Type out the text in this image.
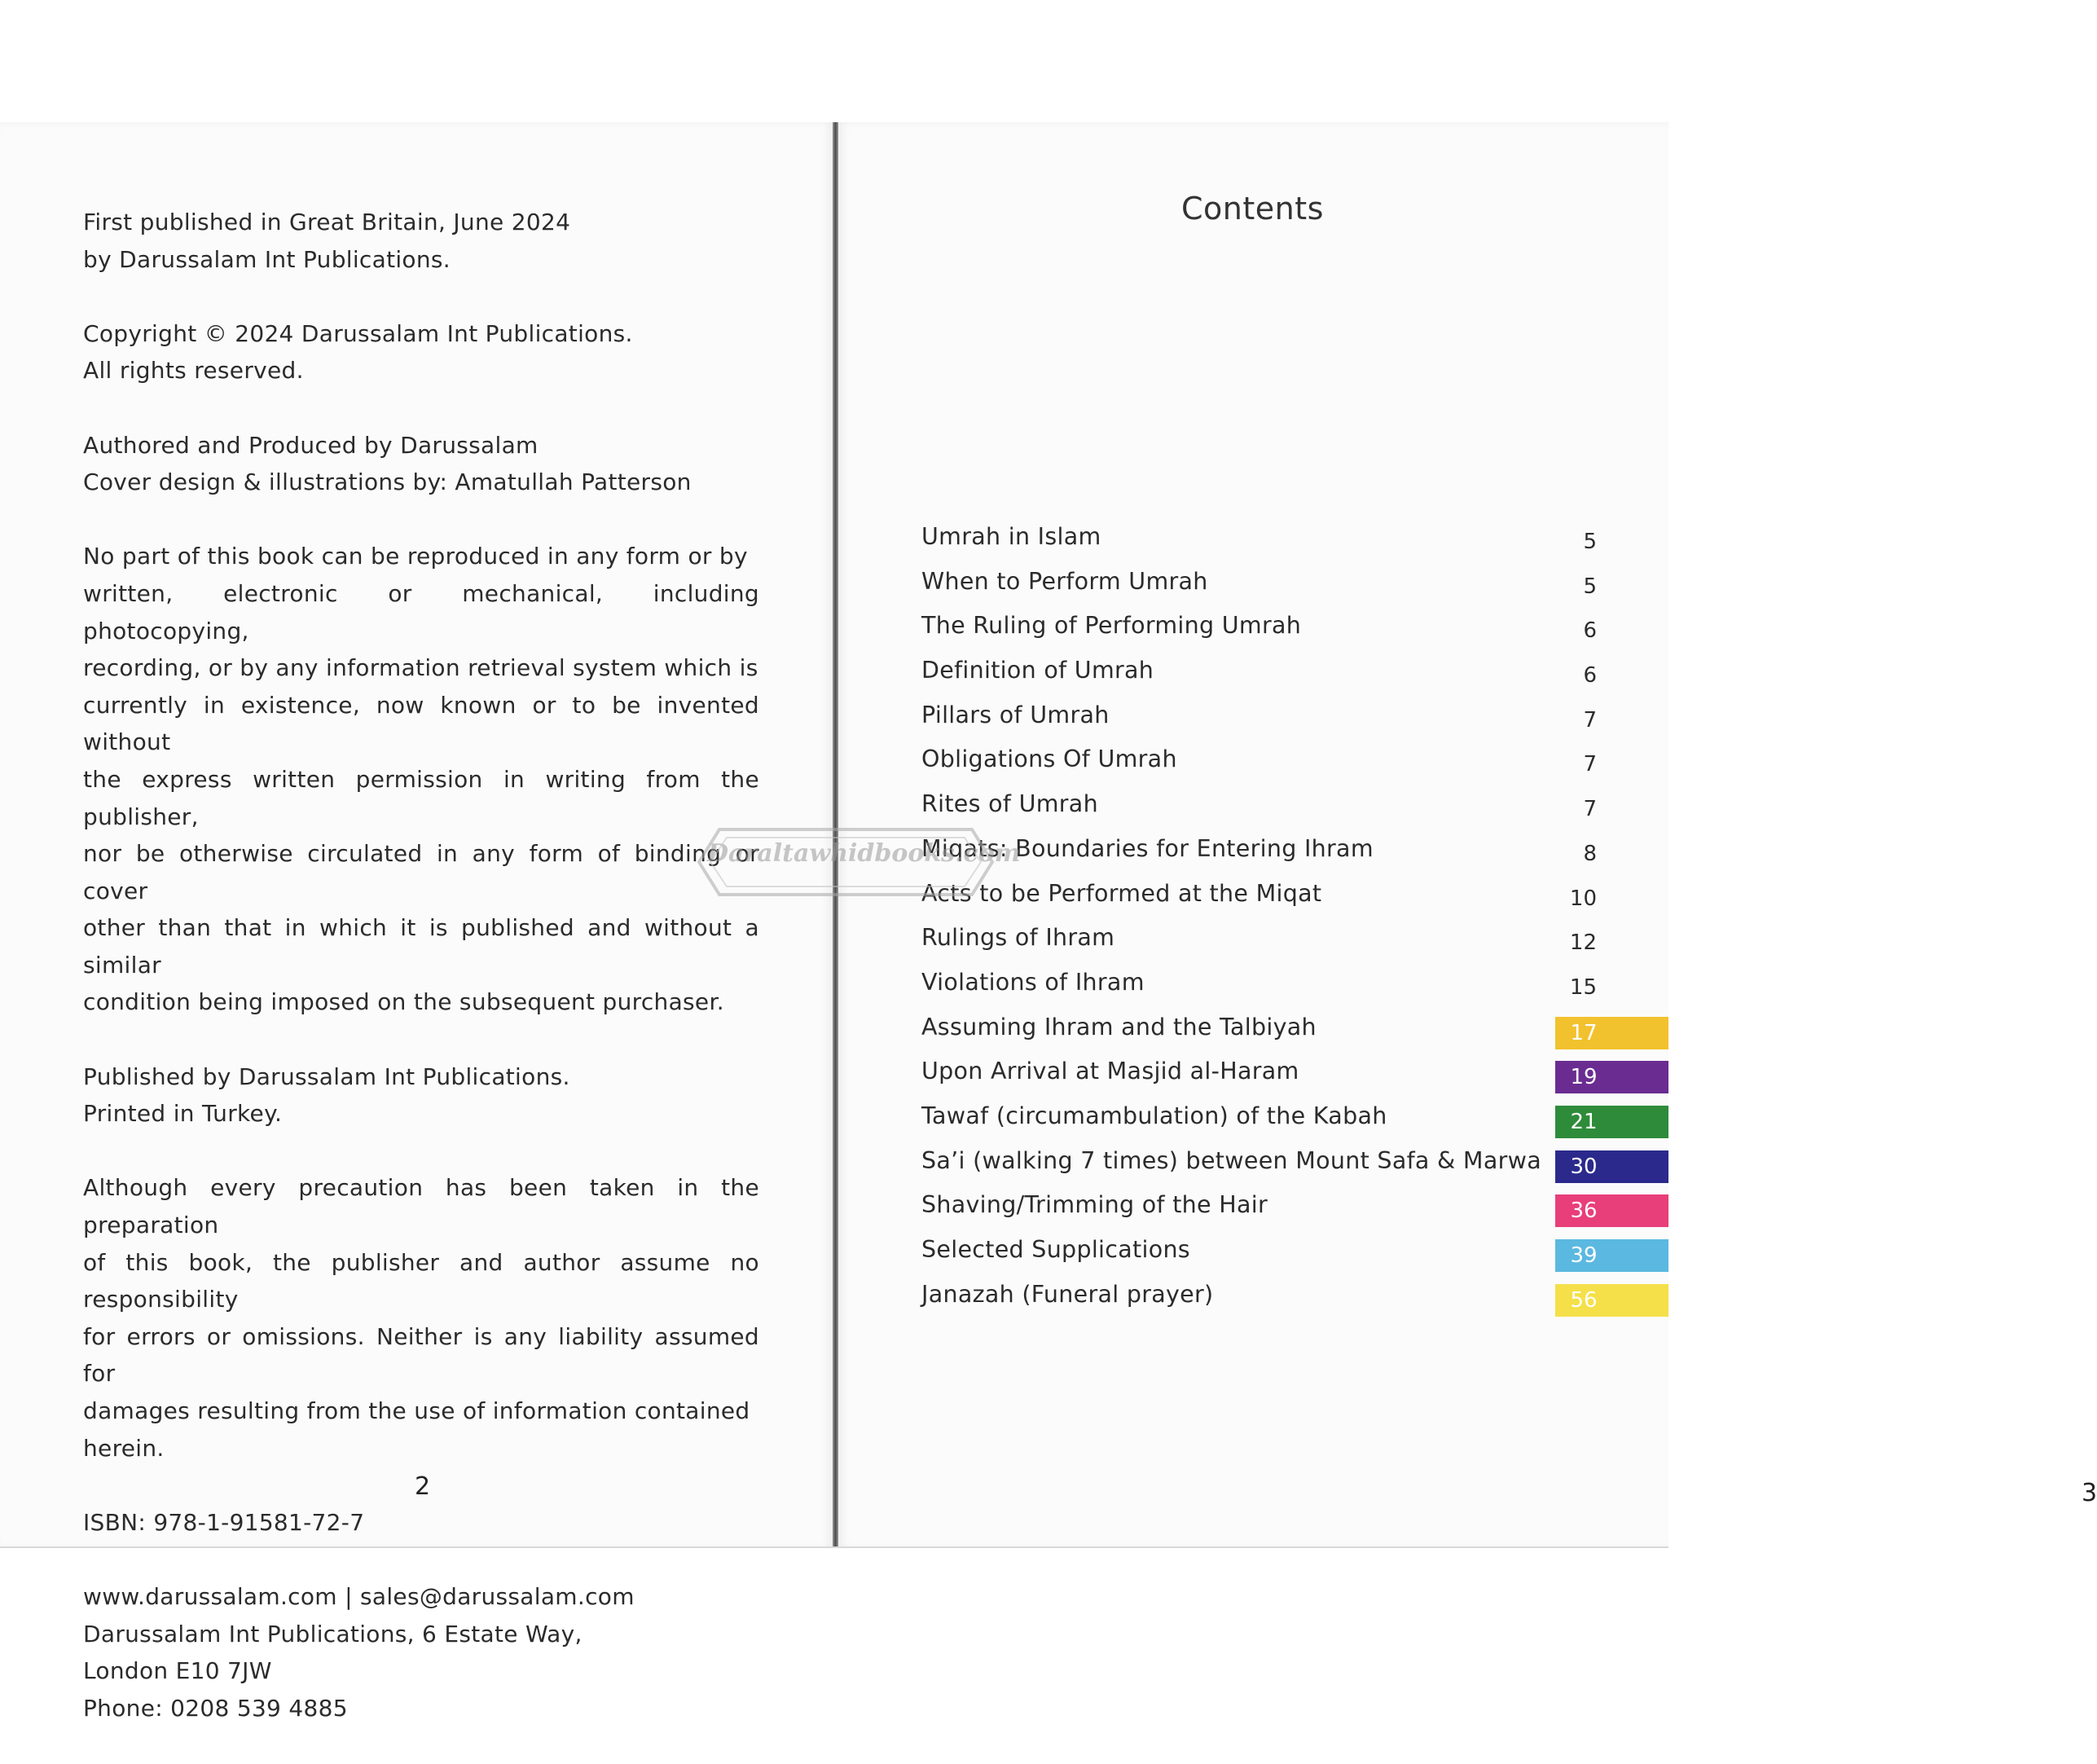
First published in Great Britain, June 2024

by Darussalam Int Publications.

Copyright © 2024 Darussalam Int Publications.

All rights reserved.

Authored and Produced by Darussalam

Cover design & illustrations by: Amatullah Patterson

No part of this book can be reproduced in any form or by

written, electronic or mechanical, including photocopying,

recording, or by any information retrieval system which is

currently in existence, now known or to be invented without

the express written permission in writing from the publisher,

nor be otherwise circulated in any form of binding or cover

other than that in which it is published and without a similar

condition being imposed on the subsequent purchaser.

Published by Darussalam Int Publications.

Printed in Turkey.

Although every precaution has been taken in the preparation

of this book, the publisher and author assume no responsibility

for errors or omissions. Neither is any liability assumed for

damages resulting from the use of information contained

herein.

ISBN: 978-1-91581-72-7

www.darussalam.com | sales@darussalam.com

Darussalam Int Publications, 6 Estate Way,

London E10 7JW

Phone: 0208 539 4885

2	3
Contents
Umrah in Islam	5
When to Perform Umrah	5
The Ruling of Performing Umrah	6
Definition of Umrah	6
Pillars of Umrah	7
Obligations Of Umrah	7
Rites of Umrah	7
Miqats: Boundaries for Entering Ihram	8
Acts to be Performed at the Miqat	10
Rulings of Ihram	12
Violations of Ihram	15
Assuming Ihram and the Talbiyah	17
Upon Arrival at Masjid al-Haram	19
Tawaf (circumambulation) of the Kabah	21
Sa’i (walking 7 times) between Mount Safa & Marwa	30
Shaving/Trimming of the Hair	36
Selected Supplications	39
Janazah (Funeral prayer)	56
Daraltawhidbooks.com
